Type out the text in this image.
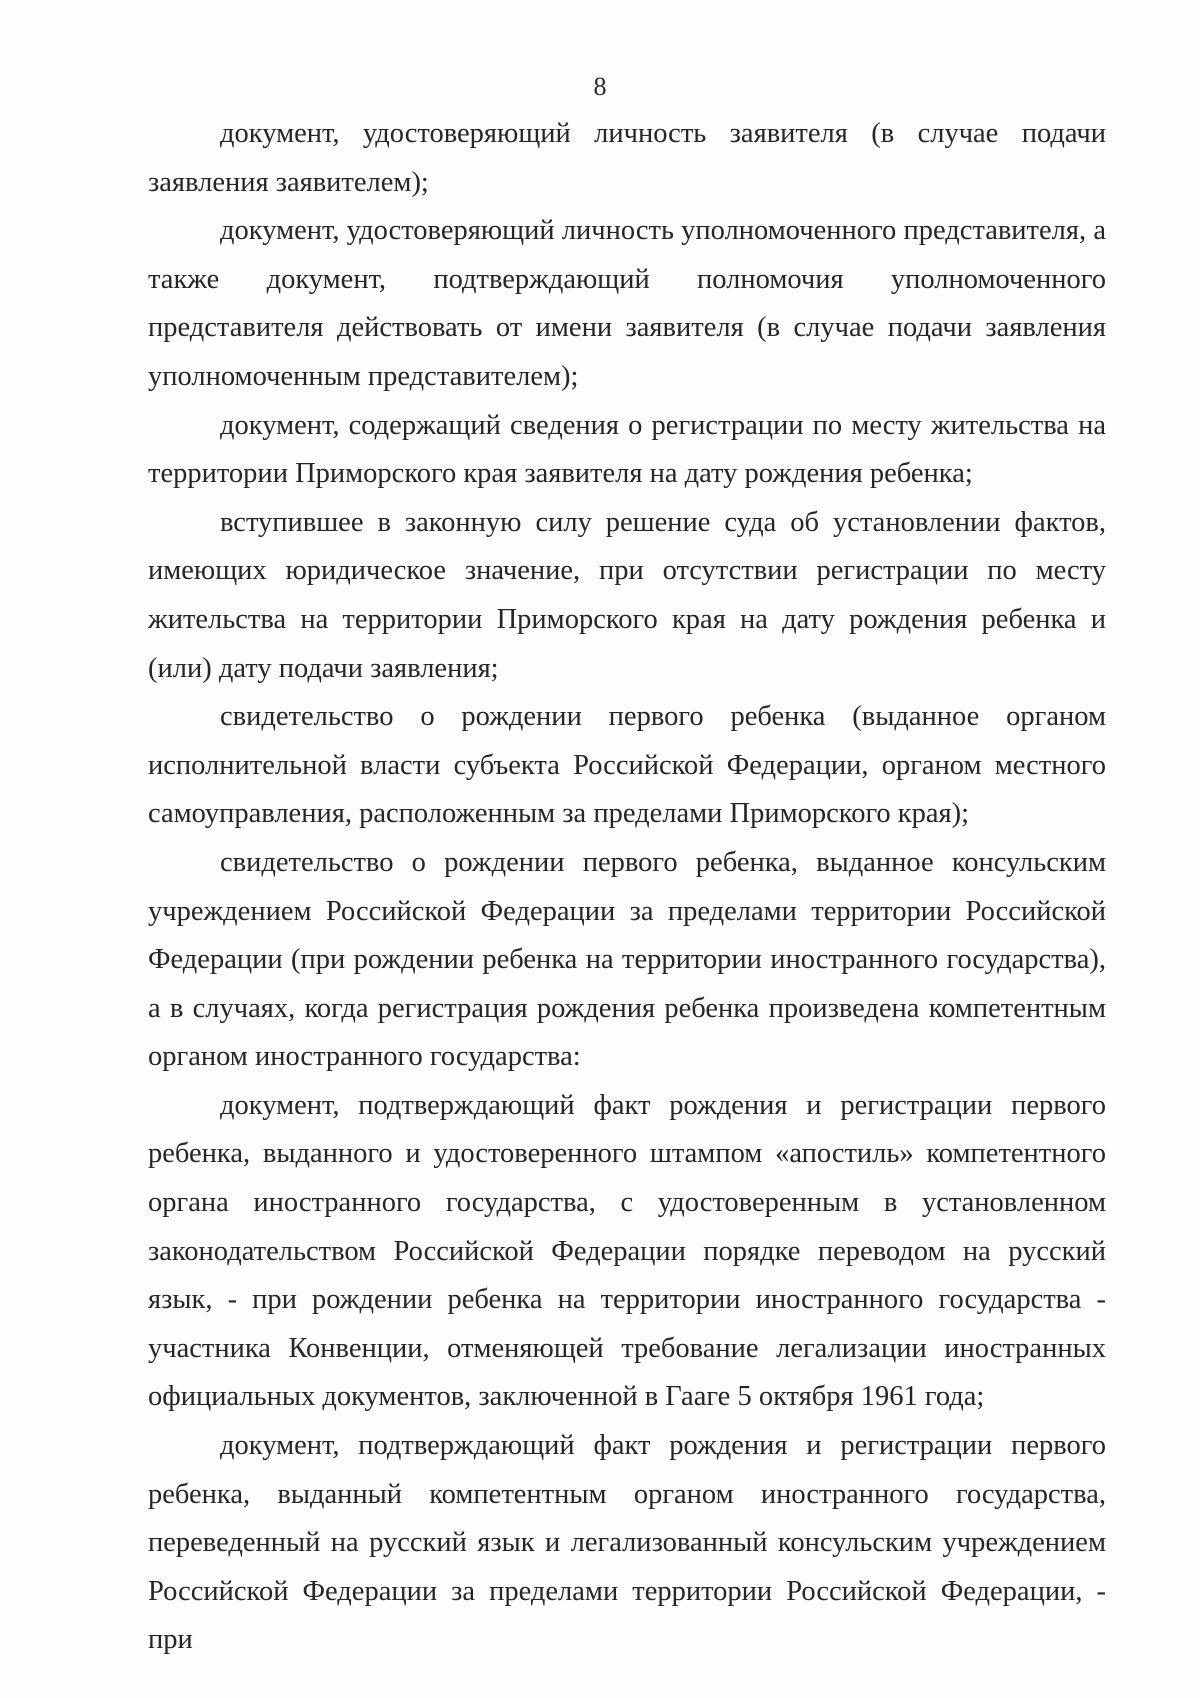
8

документ, удостоверяющий личность заявителя (в случае подачи заявления заявителем);

документ, удостоверяющий личность уполномоченного представителя, а также документ, подтверждающий полномочия уполномоченного представителя действовать от имени заявителя (в случае подачи заявления уполномоченным представителем);

документ, содержащий сведения о регистрации по месту жительства на территории Приморского края заявителя на дату рождения ребенка;

вступившее в законную силу решение суда об установлении фактов, имеющих юридическое значение, при отсутствии регистрации по месту жительства на территории Приморского края на дату рождения ребенка и (или) дату подачи заявления;

свидетельство о рождении первого ребенка (выданное органом исполнительной власти субъекта Российской Федерации, органом местного самоуправления, расположенным за пределами Приморского края);

свидетельство о рождении первого ребенка, выданное консульским учреждением Российской Федерации за пределами территории Российской Федерации (при рождении ребенка на территории иностранного государства), а в случаях, когда регистрация рождения ребенка произведена компетентным органом иностранного государства:

документ, подтверждающий факт рождения и регистрации первого ребенка, выданного и удостоверенного штампом «апостиль» компетентного органа иностранного государства, с удостоверенным в установленном законодательством Российской Федерации порядке переводом на русский язык, - при рождении ребенка на территории иностранного государства - участника Конвенции, отменяющей требование легализации иностранных официальных документов, заключенной в Гааге 5 октября 1961 года;

документ, подтверждающий факт рождения и регистрации первого ребенка, выданный компетентным органом иностранного государства, переведенный на русский язык и легализованный консульским учреждением Российской Федерации за пределами территории Российской Федерации, - при
